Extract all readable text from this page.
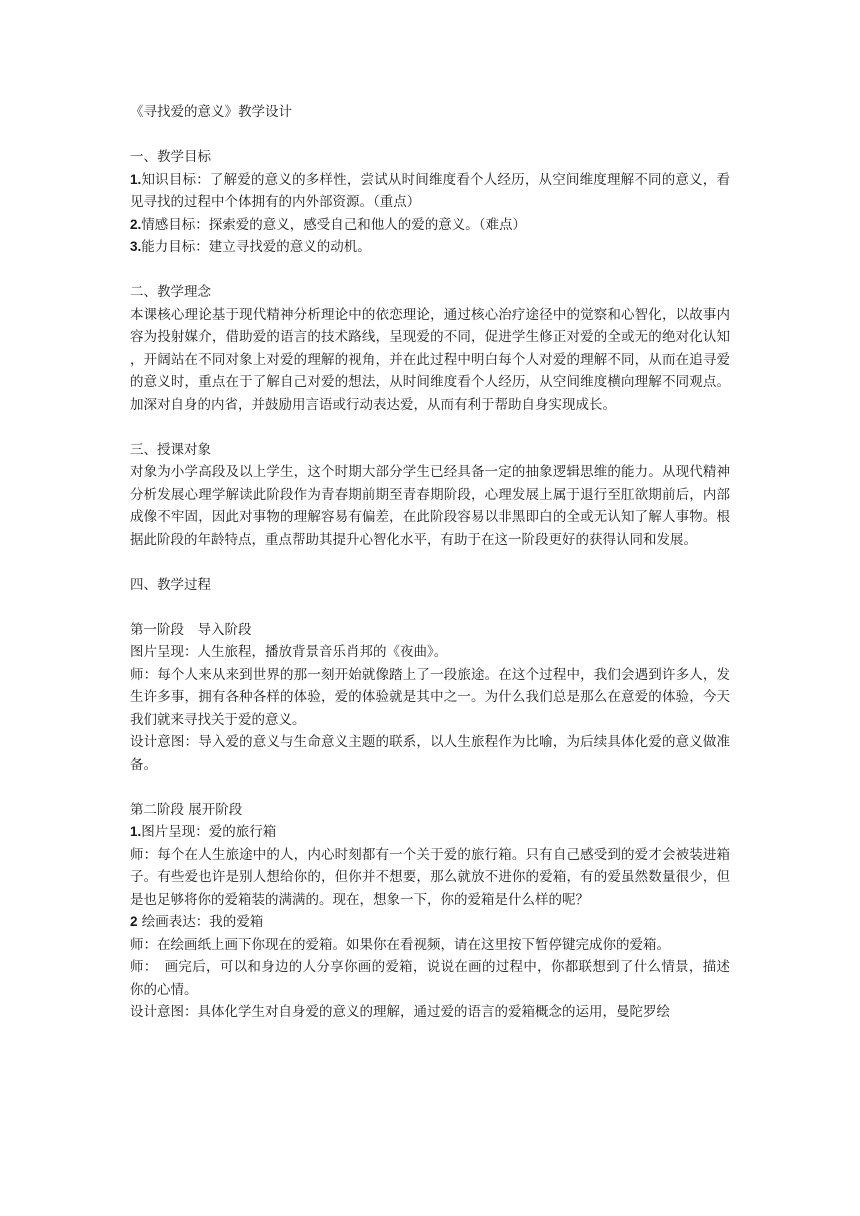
《寻找爱的意义》教学设计
一、教学目标
1.知识目标：了解爱的意义的多样性，尝试从时间维度看个人经历，从空间维度理解不同的意义，看见寻找的过程中个体拥有的内外部资源。（重点）
2.情感目标：探索爱的意义，感受自己和他人的爱的意义。（难点）
3.能力目标：建立寻找爱的意义的动机。
二、教学理念
本课核心理论基于现代精神分析理论中的依恋理论，通过核心治疗途径中的觉察和心智化，以故事内容为投射媒介，借助爱的语言的技术路线，呈现爱的不同，促进学生修正对爱的全或无的绝对化认知，开阔站在不同对象上对爱的理解的视角，并在此过程中明白每个人对爱的理解不同，从而在追寻爱的意义时，重点在于了解自己对爱的想法，从时间维度看个人经历，从空间维度横向理解不同观点。加深对自身的内省，并鼓励用言语或行动表达爱，从而有利于帮助自身实现成长。
三、授课对象
对象为小学高段及以上学生，这个时期大部分学生已经具备一定的抽象逻辑思维的能力。从现代精神分析发展心理学解读此阶段作为青春期前期至青春期阶段，心理发展上属于退行至肛欲期前后，内部成像不牢固，因此对事物的理解容易有偏差，在此阶段容易以非黑即白的全或无认知了解人事物。根据此阶段的年龄特点，重点帮助其提升心智化水平，有助于在这一阶段更好的获得认同和发展。
四、教学过程
第一阶段　导入阶段
图片呈现：人生旅程，播放背景音乐肖邦的《夜曲》。
师：每个人来从来到世界的那一刻开始就像踏上了一段旅途。在这个过程中，我们会遇到许多人，发生许多事，拥有各种各样的体验，爱的体验就是其中之一。为什么我们总是那么在意爱的体验，今天我们就来寻找关于爱的意义。
设计意图：导入爱的意义与生命意义主题的联系，以人生旅程作为比喻，为后续具体化爱的意义做准备。
第二阶段 展开阶段
1.图片呈现：爱的旅行箱
师：每个在人生旅途中的人，内心时刻都有一个关于爱的旅行箱。只有自己感受到的爱才会被装进箱子。有些爱也许是别人想给你的，但你并不想要，那么就放不进你的爱箱，有的爱虽然数量很少，但是也足够将你的爱箱装的满满的。现在，想象一下，你的爱箱是什么样的呢？
2 绘画表达：我的爱箱
师：在绘画纸上画下你现在的爱箱。如果你在看视频，请在这里按下暂停键完成你的爱箱。
师：　画完后，可以和身边的人分享你画的爱箱，说说在画的过程中，你都联想到了什么情景，描述你的心情。
设计意图：具体化学生对自身爱的意义的理解，通过爱的语言的爱箱概念的运用，曼陀罗绘
